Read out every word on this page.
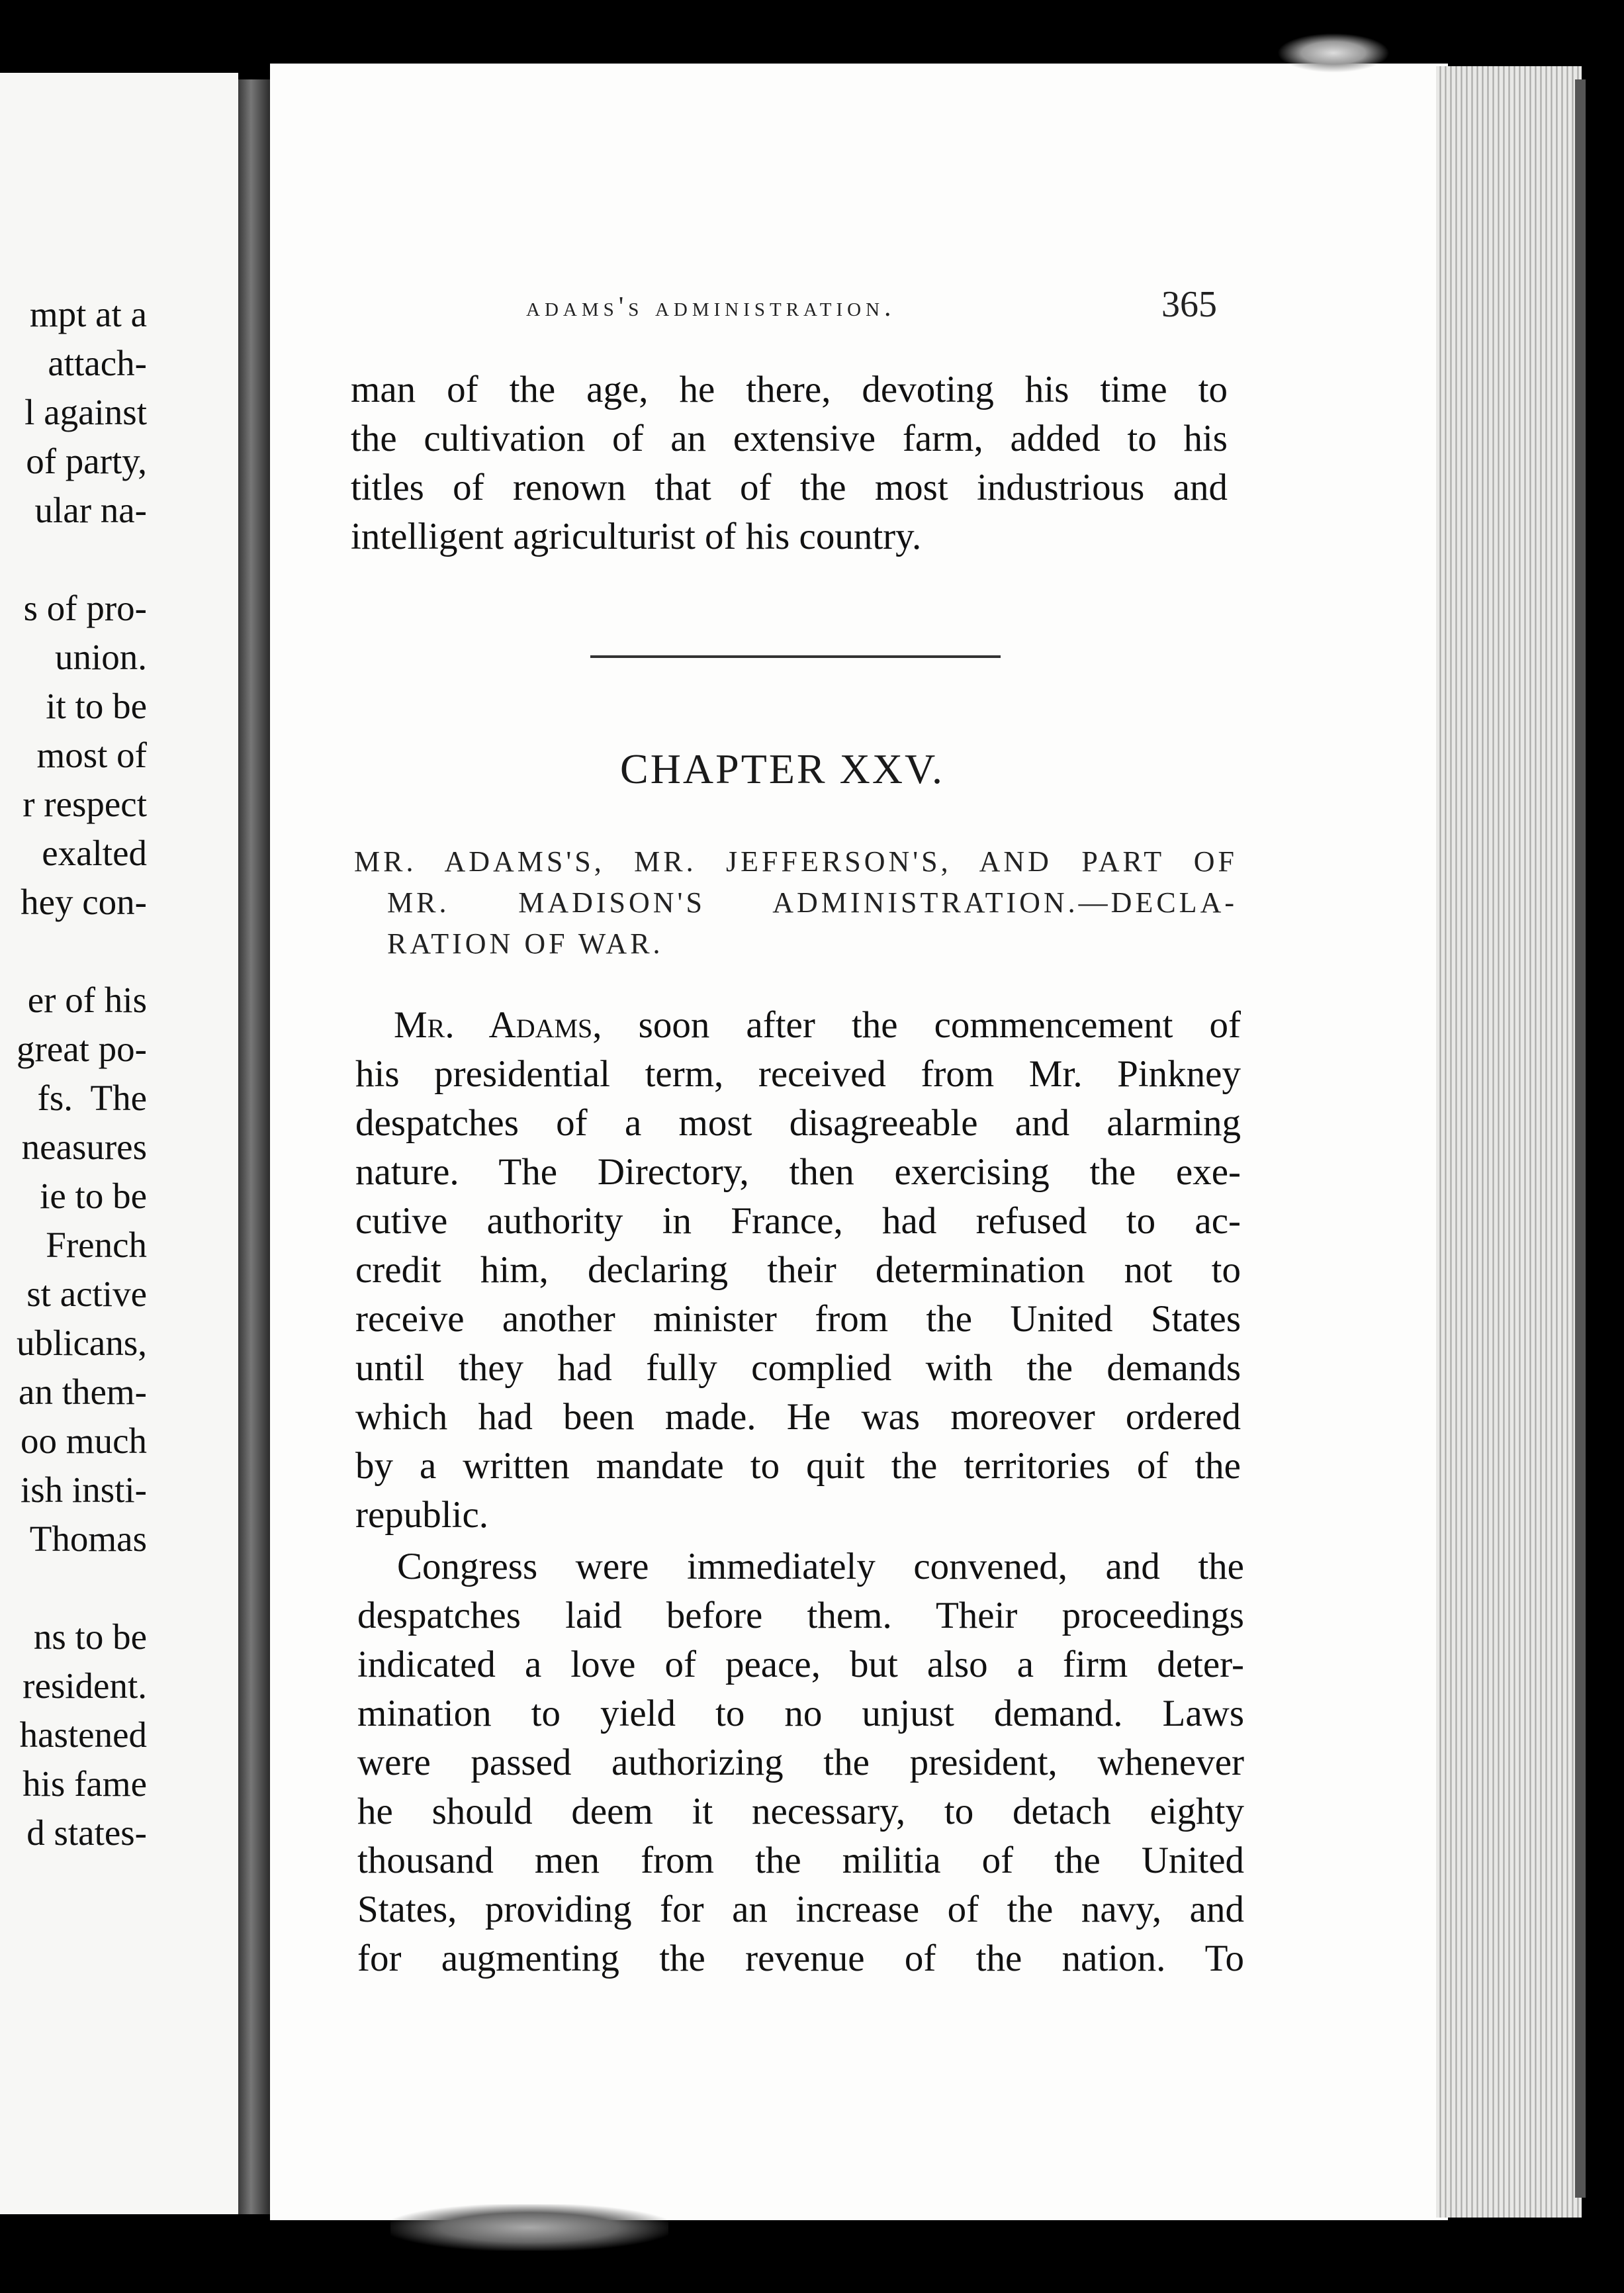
mpt at a
attach-
l against
of party,
ular na-
s of pro-
union.
it to be
most of
r respect
exalted
hey con-
er of his
great po-
fs.  The
neasures
ie to be
French
st active
ublicans,
an them-
oo much
ish insti-
Thomas
ns to be
resident.
hastened
his fame
d states-
adams's administration.	365
man of the age, he there, devoting his time to
the cultivation of an extensive farm, added to his
titles of renown that of the most industrious and
intelligent agriculturist of his country.
CHAPTER XXV.
MR. ADAMS'S, MR. JEFFERSON'S, AND PART OF
MR. MADISON'S ADMINISTRATION.—DECLA-
RATION OF WAR.
Mr. Adams, soon after the commencement of
his presidential term, received from Mr. Pinkney
despatches of a most disagreeable and alarming
nature. The Directory, then exercising the exe-
cutive authority in France, had refused to ac-
credit him, declaring their determination not to
receive another minister from the United States
until they had fully complied with the demands
which had been made. He was moreover ordered
by a written mandate to quit the territories of the
republic.
Congress were immediately convened, and the
despatches laid before them. Their proceedings
indicated a love of peace, but also a firm deter-
mination to yield to no unjust demand. Laws
were passed authorizing the president, whenever
he should deem it necessary, to detach eighty
thousand men from the militia of the United
States, providing for an increase of the navy, and
for augmenting the revenue of the nation. To
